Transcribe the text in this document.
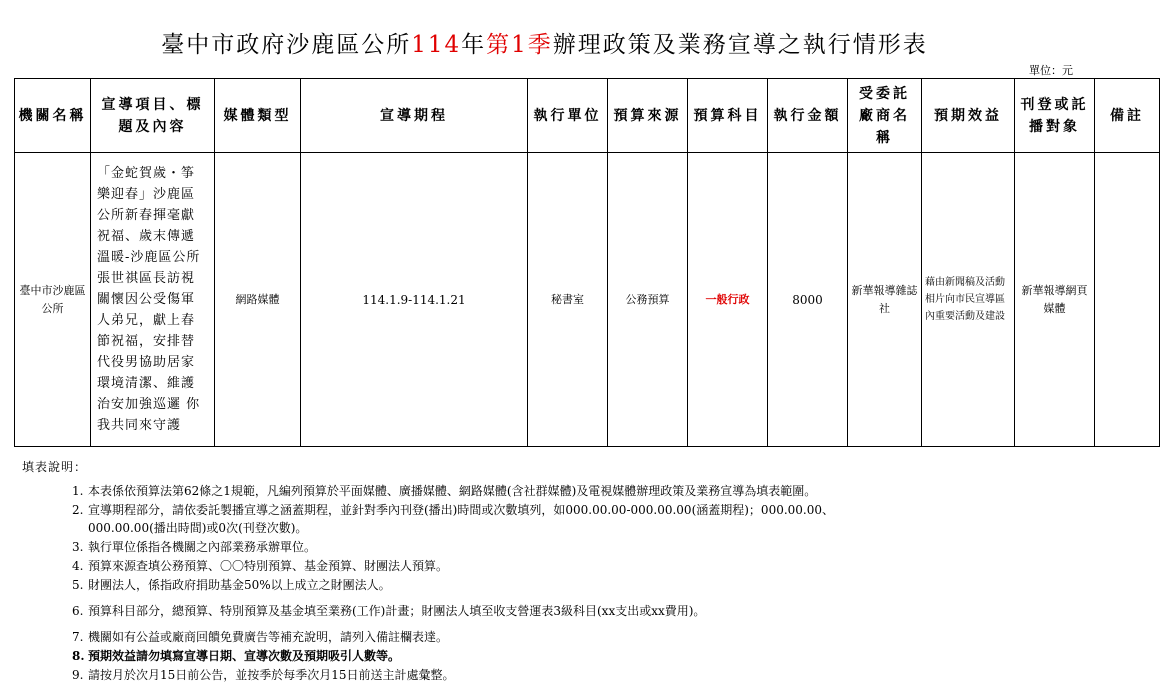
臺中市政府沙鹿區公所114年第1季辦理政策及業務宣導之執行情形表
單位：元
機關名稱	宣導項目、標題及內容	媒體類型	宣導期程	執行單位	預算來源	預算科目	執行金額	受委託廠商名稱	預期效益	刊登或託播對象	備註
臺中市沙鹿區公所	「金蛇賀歲・筝樂迎春」沙鹿區公所新春揮毫獻祝福、歲末傳遞溫暖-沙鹿區公所張世祺區長訪視關懷因公受傷軍人弟兄，獻上春節祝福，安排替代役男協助居家環境清潔、維護治安加強巡邏 你我共同來守護	網路媒體	114.1.9-114.1.21	秘書室	公務預算	一般行政	8000	新華報導雜誌社	藉由新聞稿及活動相片向市民宣導區內重要活動及建設	新華報導網頁媒體	
填表說明：
1. 本表係依預算法第62條之1規範，凡編列預算於平面媒體、廣播媒體、網路媒體(含社群媒體)及電視媒體辦理政策及業務宣導為填表範圍。
2. 宣導期程部分，請依委託製播宣導之涵蓋期程，並針對季內刊登(播出)時間或次數填列，如000.00.00-000.00.00(涵蓋期程)；000.00.00、
000.00.00(播出時間)或0次(刊登次數)。
3. 執行單位係指各機關之內部業務承辦單位。
4. 預算來源查填公務預算、〇〇特別預算、基金預算、財團法人預算。
5. 財團法人，係指政府捐助基金50%以上成立之財團法人。
6. 預算科目部分，總預算、特別預算及基金填至業務(工作)計畫；財團法人填至收支營運表3級科目(xx支出或xx費用)。
7. 機關如有公益或廠商回饋免費廣告等補充說明，請列入備註欄表達。
8. 預期效益請勿填寫宣導日期、宣導次數及預期吸引人數等。
9. 請按月於次月15日前公告，並按季於每季次月15日前送主計處彙整。
